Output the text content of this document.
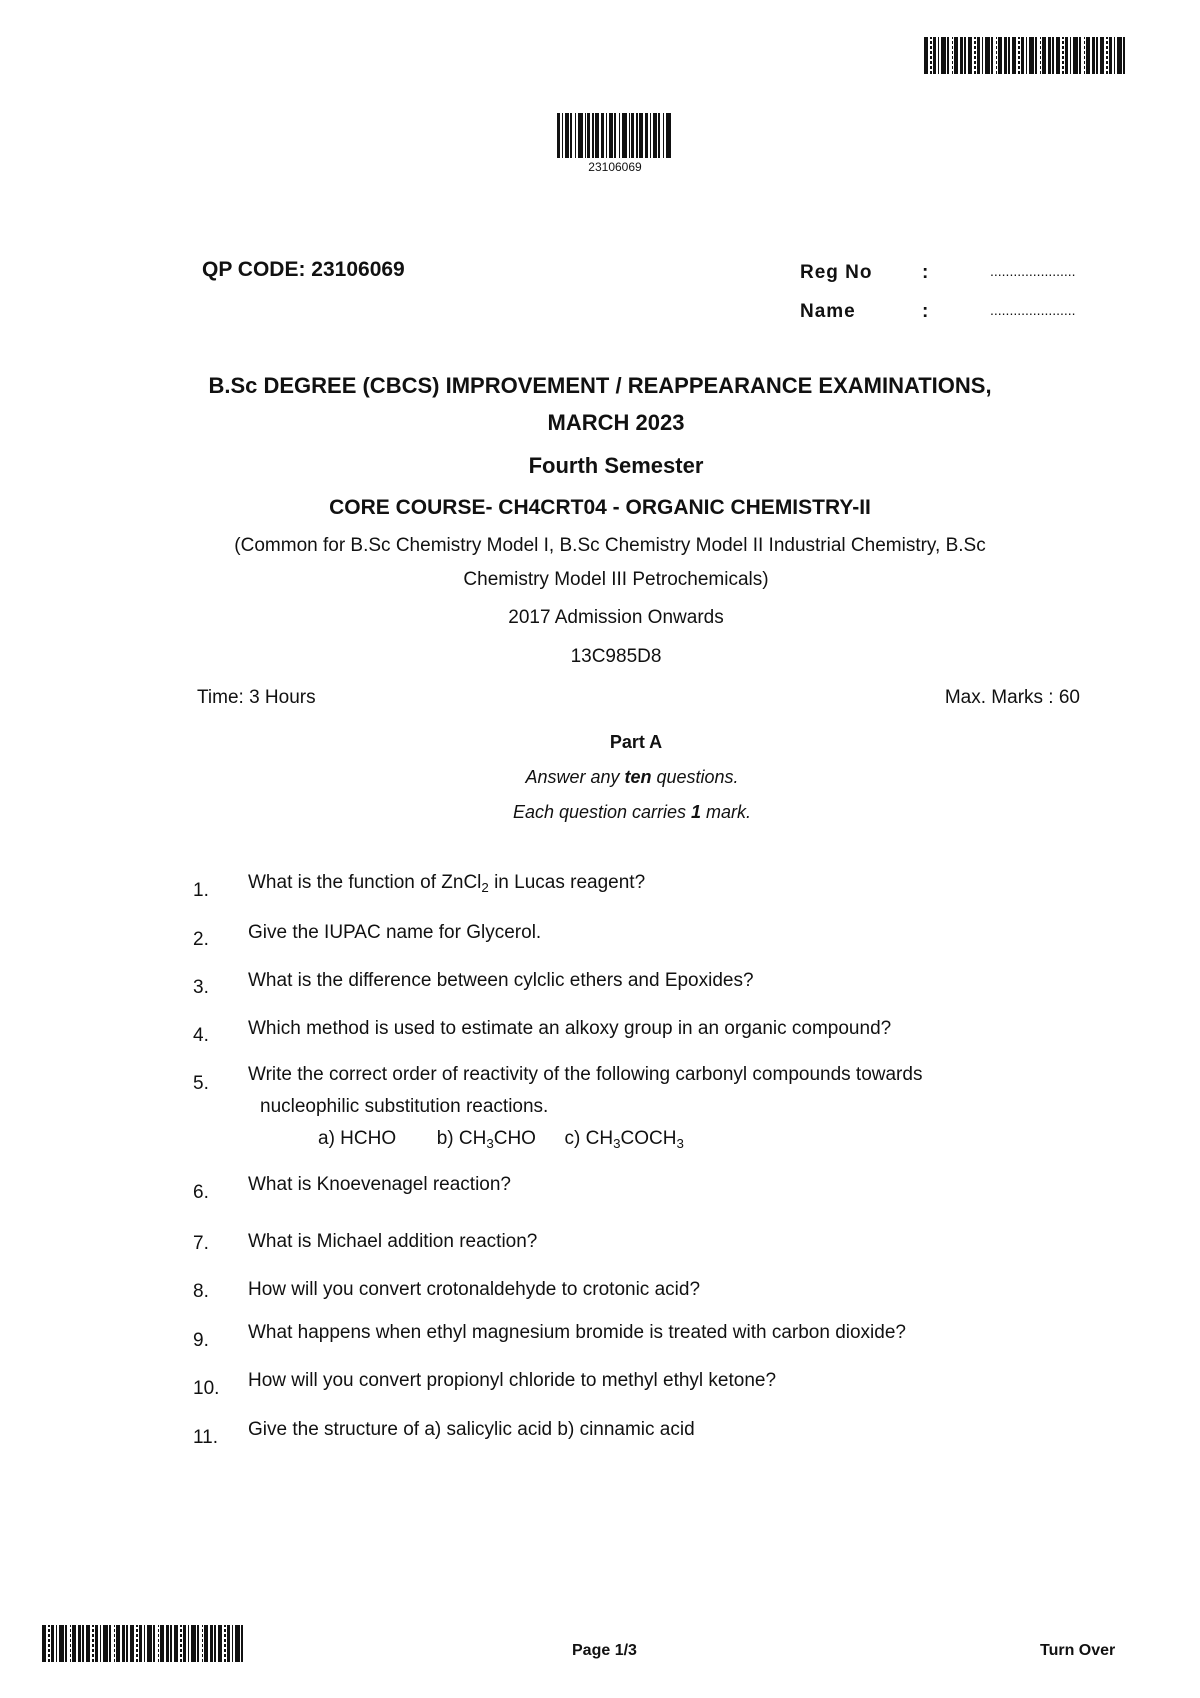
23106069
QP CODE: 23106069	Reg No	:	......................
Name	:	......................
B.Sc DEGREE (CBCS) IMPROVEMENT / REAPPEARANCE EXAMINATIONS,
MARCH 2023
Fourth Semester
CORE COURSE- CH4CRT04 - ORGANIC CHEMISTRY-II
(Common for B.Sc Chemistry Model I, B.Sc Chemistry Model II Industrial Chemistry, B.Sc
Chemistry Model III Petrochemicals)
2017 Admission Onwards
13C985D8
Time: 3 Hours	Max. Marks : 60
Part A
Answer any ten questions.
Each question carries 1 mark.
1. What is the function of ZnCl$_2$ in Lucas reagent?
2. Give the IUPAC name for Glycerol.
3. What is the difference between cylclic ethers and Epoxides?
4. Which method is used to estimate an alkoxy group in an organic compound?
5. Write the correct order of reactivity of the following carbonyl compounds towards
nucleophilic substitution reactions.
a) HCHO b) $CH_3CHO$ c) $CH_3COCH_3$
6. What is Knoevenagel reaction?
7. What is Michael addition reaction?
8. How will you convert crotonaldehyde to crotonic acid?
9. What happens when ethyl magnesium bromide is treated with carbon dioxide?
10. How will you convert propionyl chloride to methyl ethyl ketone?
11. Give the structure of a) salicylic acid b) cinnamic acid
Page 1/3	Turn Over
